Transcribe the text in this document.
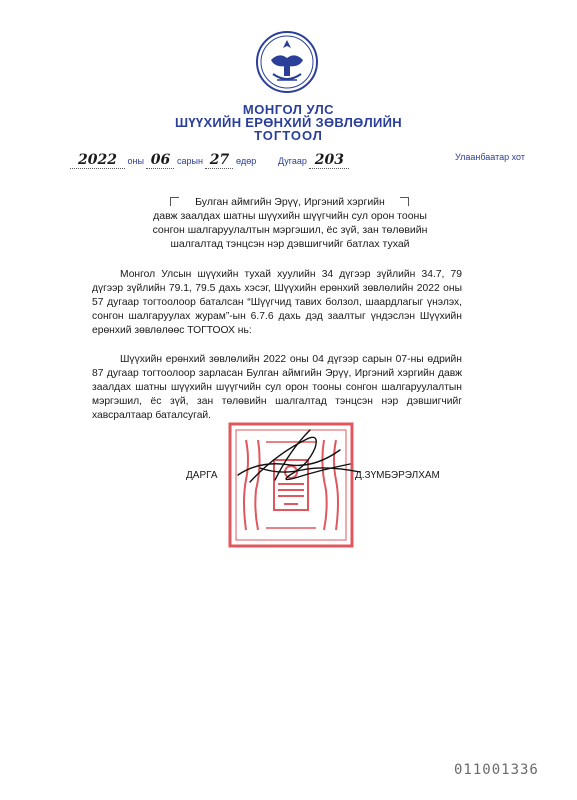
МОНГОЛ УЛС
ШҮҮХИЙН ЕРӨНХИЙ ЗӨВЛӨЛИЙН
ТОГТООЛ
2022 оны 06 сарын 27 өдөр Дугаар 203	Улаанбаатар хот
Булган аймгийн Эрүү, Иргэний хэргийн
давж заалдах шатны шүүхийн шүүгчийн сул орон тооны
сонгон шалгаруулалтын мэргэшил, ёс зүй, зан төлөвийн
шалгалтад тэнцсэн нэр дэвшигчийг батлах тухай
Монгол Улсын шүүхийн тухай хуулийн 34 дүгээр зүйлийн 34.7, 79 дүгээр зүйлийн 79.1, 79.5 дахь хэсэг, Шүүхийн ерөнхий зөвлөлийн 2022 оны 57 дугаар тогтоолоор баталсан “Шүүгчид тавих болзол, шаардлагыг үнэлэх, сонгон шалгаруулах журам”-ын 6.7.6 дахь дэд заалтыг үндэслэн Шүүхийн ерөнхий зөвлөлөөс ТОГТООХ нь:
Шүүхийн ерөнхий зөвлөлийн 2022 оны 04 дүгээр сарын 07-ны өдрийн 87 дугаар тогтоолоор зарласан Булган аймгийн Эрүү, Иргэний хэргийн давж заалдах шатны шүүхийн шүүгчийн сул орон тооны сонгон шалгаруулалтын мэргэшил, ёс зүй, зан төлөвийн шалгалтад тэнцсэн нэр дэвшигчийг хавсралтаар баталсугай.
ДАРГА	Д.ЗҮМБЭРЭЛХАМ
011001336
